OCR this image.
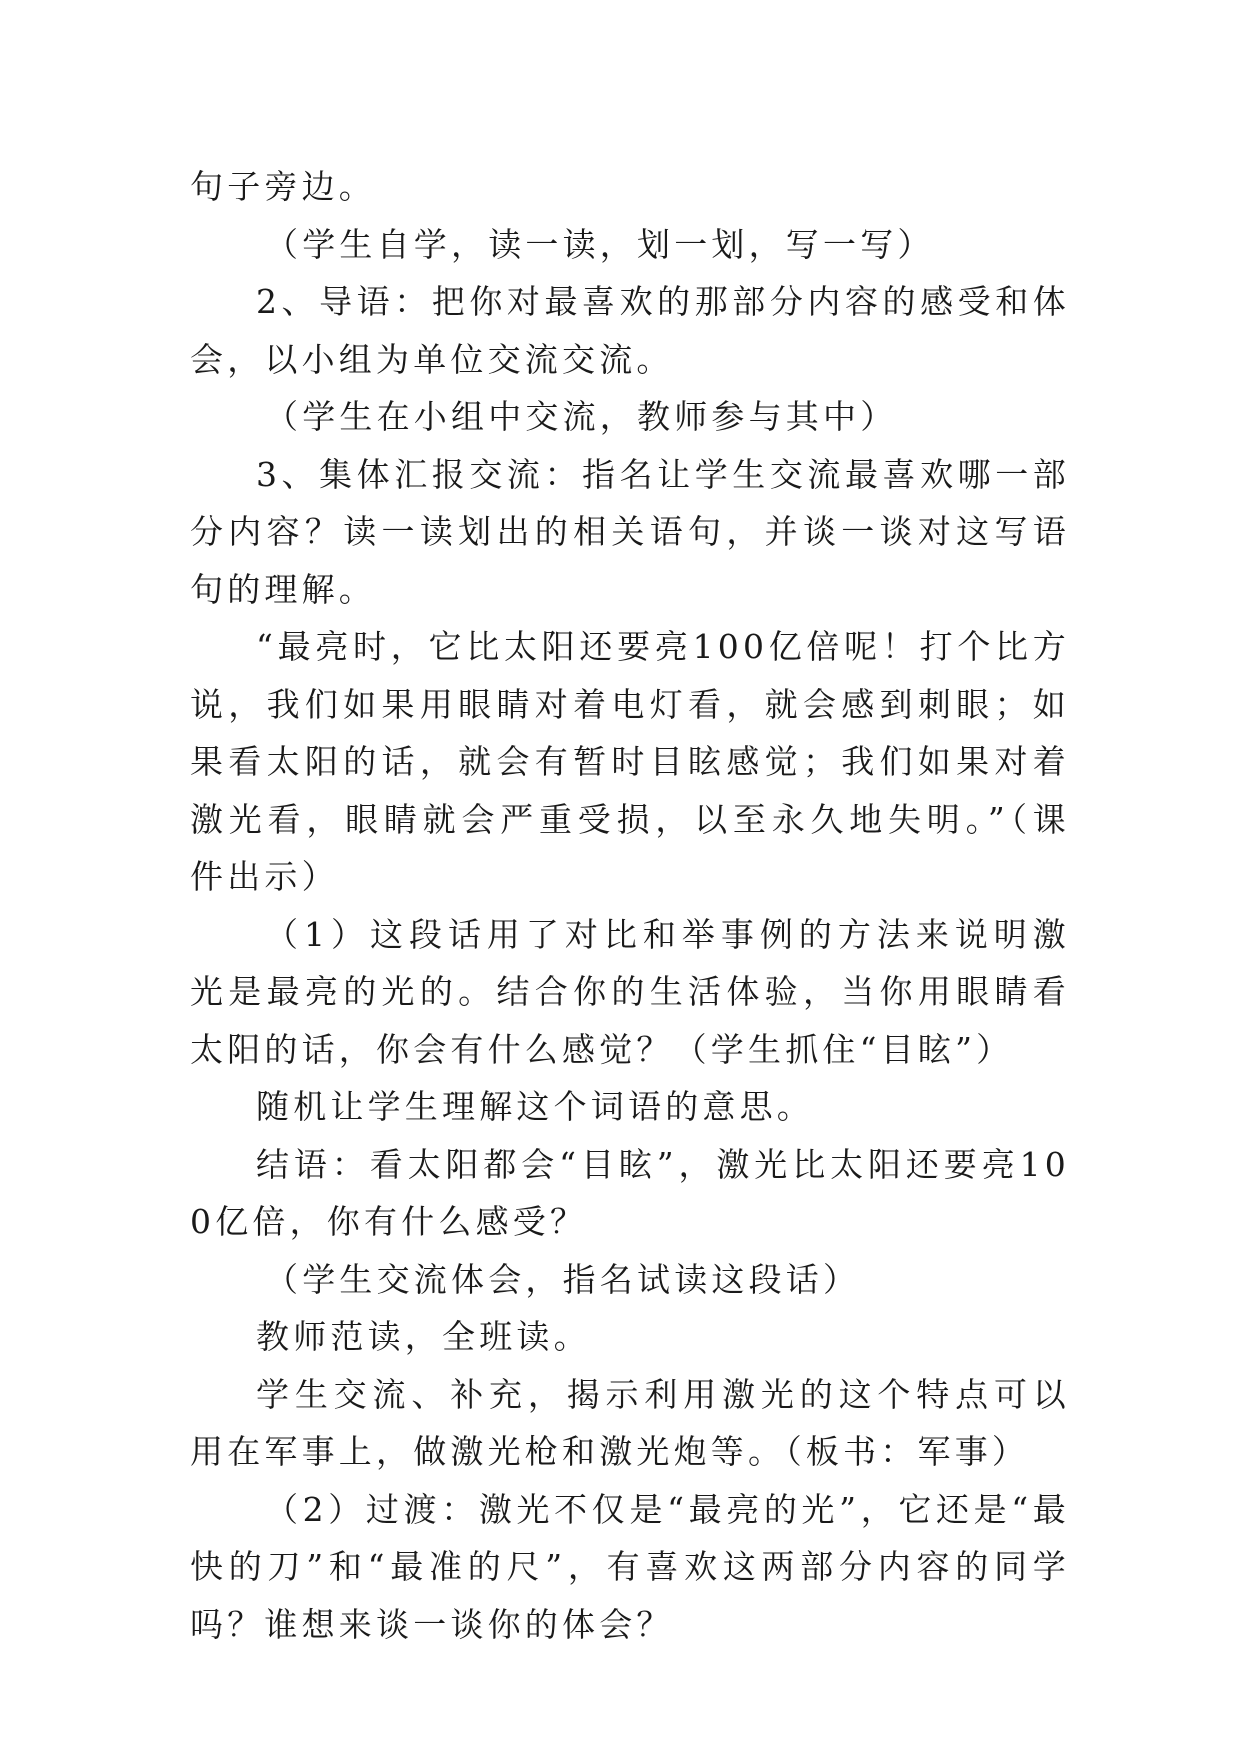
句子旁边。

（学生自学，读一读，划一划，写一写）

2、导语：把你对最喜欢的那部分内容的感受和体会，以小组为单位交流交流。

（学生在小组中交流，教师参与其中）

3、集体汇报交流：指名让学生交流最喜欢哪一部分内容？读一读划出的相关语句，并谈一谈对这写语句的理解。

“最亮时，它比太阳还要亮100亿倍呢！打个比方说，我们如果用眼睛对着电灯看，就会感到刺眼；如果看太阳的话，就会有暂时目眩感觉；我们如果对着激光看，眼睛就会严重受损，以至永久地失明。”（课件出示）

（1）这段话用了对比和举事例的方法来说明激光是最亮的光的。结合你的生活体验，当你用眼睛看太阳的话，你会有什么感觉？（学生抓住“目眩”）

随机让学生理解这个词语的意思。

结语：看太阳都会“目眩”，激光比太阳还要亮100亿倍，你有什么感受？

（学生交流体会，指名试读这段话）

教师范读，全班读。

学生交流、补充，揭示利用激光的这个特点可以用在军事上，做激光枪和激光炮等。（板书：军事）

（2）过渡：激光不仅是“最亮的光”，它还是“最快的刀”和“最准的尺”，有喜欢这两部分内容的同学吗？谁想来谈一谈你的体会？
